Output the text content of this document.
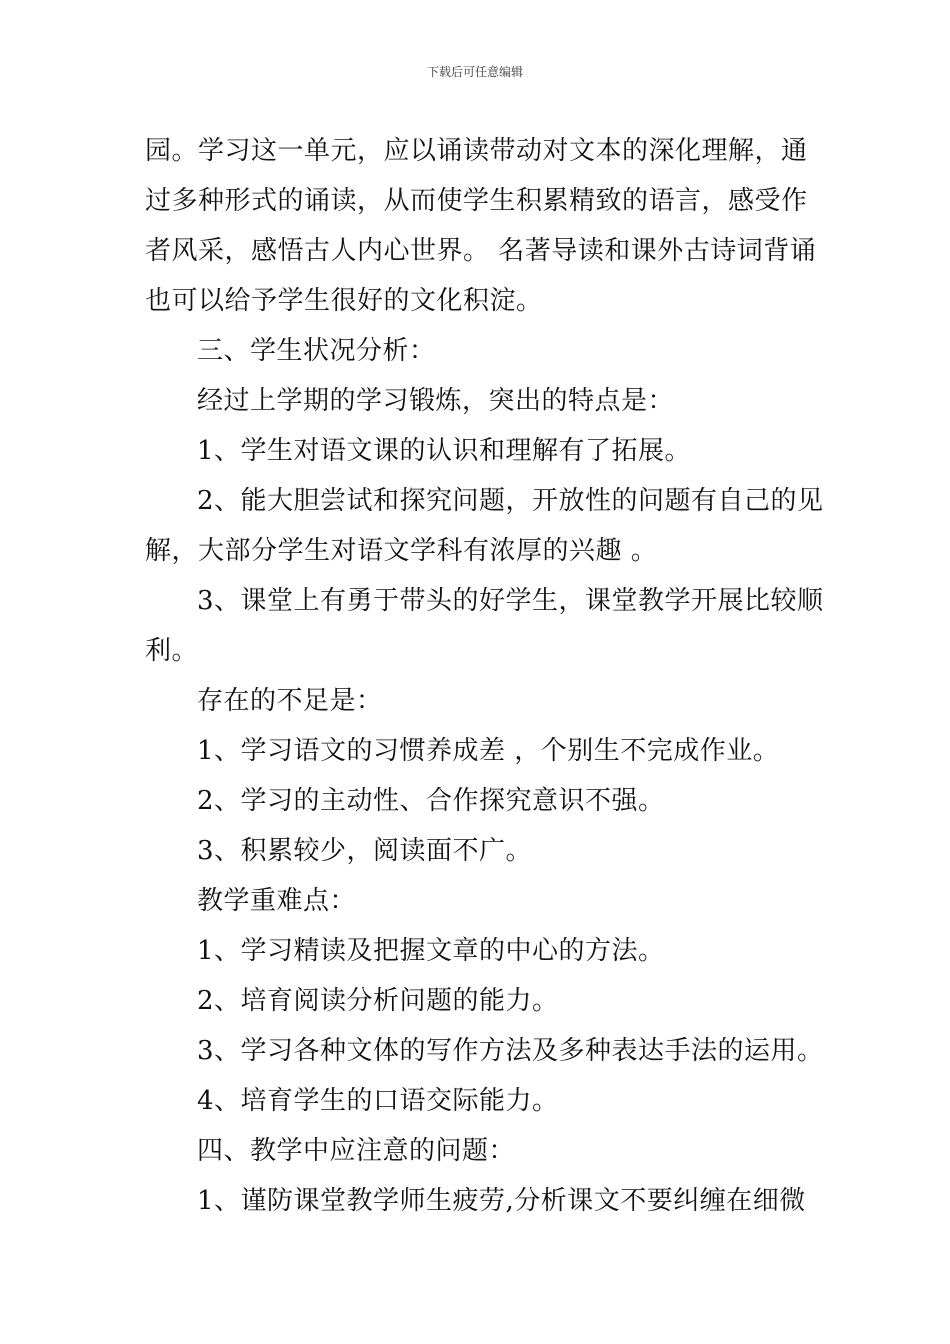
下载后可任意编辑
园。学习这一单元，应以诵读带动对文本的深化理解，通
过多种形式的诵读，从而使学生积累精致的语言，感受作
者风采，感悟古人内心世界。 名著导读和课外古诗词背诵
也可以给予学生很好的文化积淀。
三、学生状况分析：
经过上学期的学习锻炼，突出的特点是：
1、学生对语文课的认识和理解有了拓展。
2、能大胆尝试和探究问题，开放性的问题有自己的见
解，大部分学生对语文学科有浓厚的兴趣 。
3、课堂上有勇于带头的好学生，课堂教学开展比较顺
利。
存在的不足是：
1、学习语文的习惯养成差 ，个别生不完成作业。
2、学习的主动性、合作探究意识不强。
3、积累较少，阅读面不广。
教学重难点：
1、学习精读及把握文章的中心的方法。
2、培育阅读分析问题的能力。
3、学习各种文体的写作方法及多种表达手法的运用。
4、培育学生的口语交际能力。
四、教学中应注意的问题：
1、谨防课堂教学师生疲劳,分析课文不要纠缠在细微
